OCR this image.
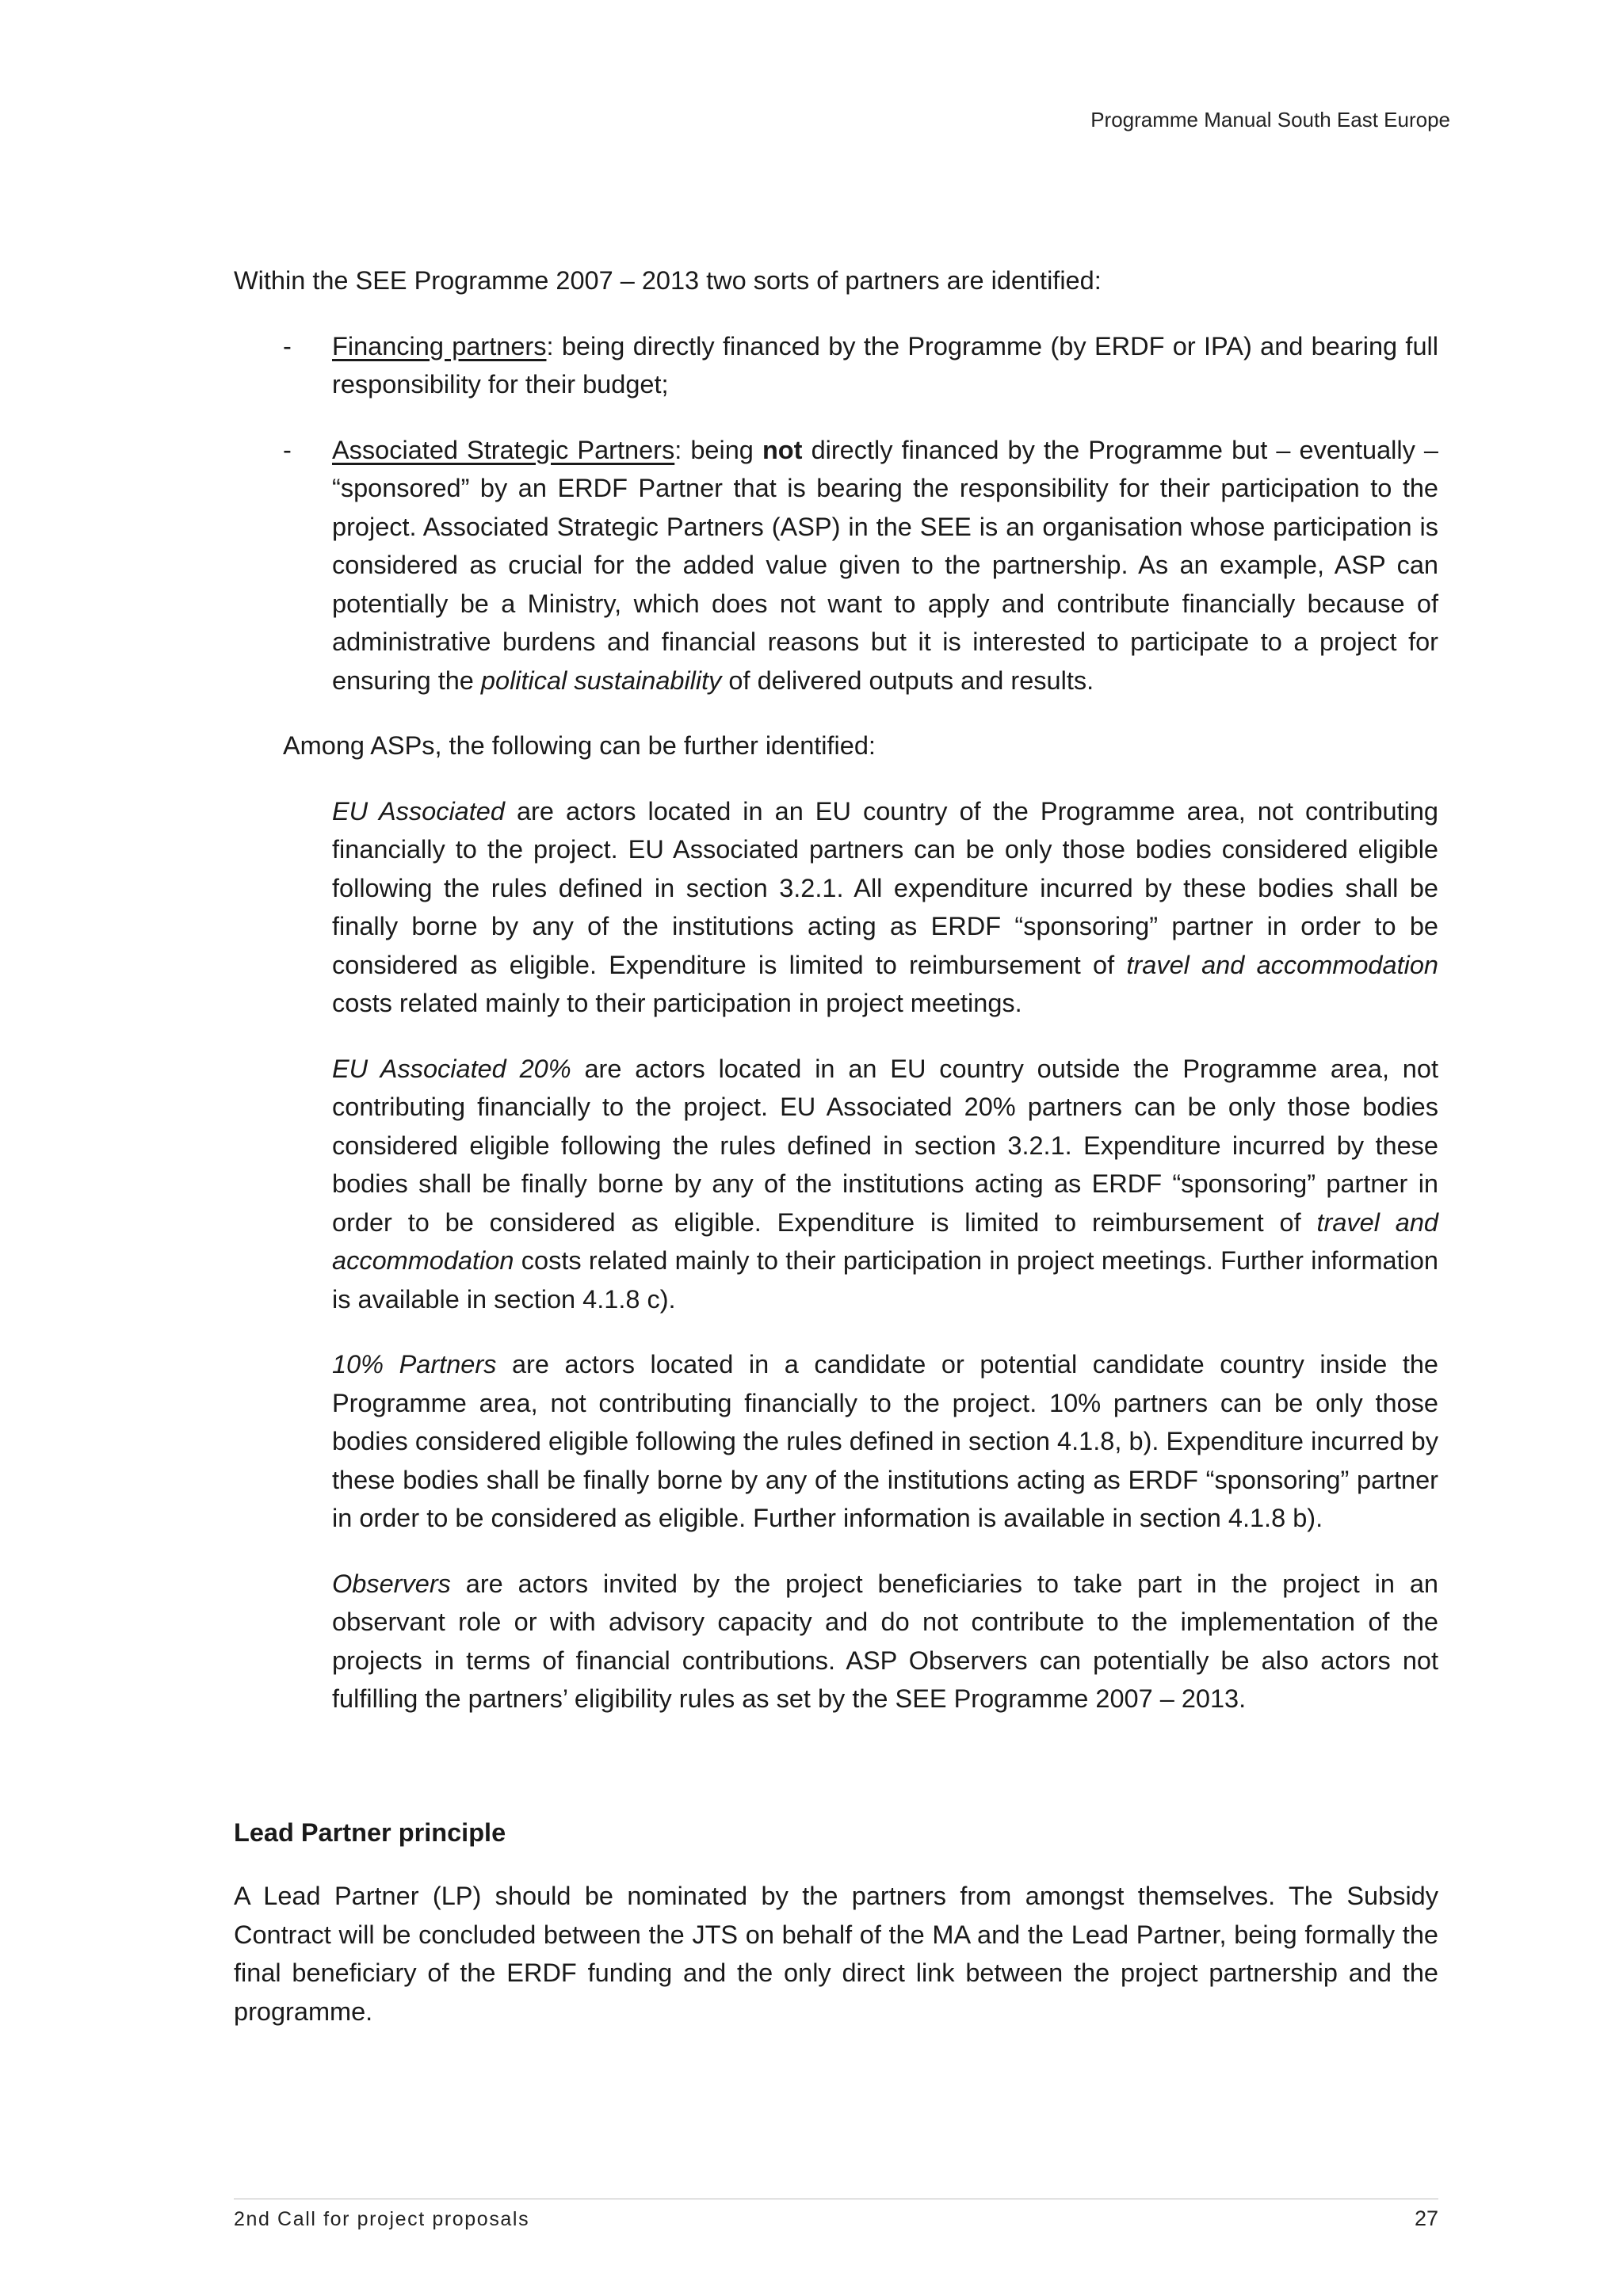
Programme Manual South East Europe

Within the SEE Programme 2007 – 2013 two sorts of partners are identified:

- Financing partners: being directly financed by the Programme (by ERDF or IPA) and bearing full responsibility for their budget;

- Associated Strategic Partners: being not directly financed by the Programme but – eventually – “sponsored” by an ERDF Partner that is bearing the responsibility for their participation to the project. Associated Strategic Partners (ASP) in the SEE is an organisation whose participation is considered as crucial for the added value given to the partnership. As an example, ASP can potentially be a Ministry, which does not want to apply and contribute financially because of administrative burdens and financial reasons but it is interested to participate to a project for ensuring the political sustainability of delivered outputs and results.

Among ASPs, the following can be further identified:

EU Associated are actors located in an EU country of the Programme area, not contributing financially to the project. EU Associated partners can be only those bodies considered eligible following the rules defined in section 3.2.1. All expenditure incurred by these bodies shall be finally borne by any of the institutions acting as ERDF “sponsoring” partner in order to be considered as eligible. Expenditure is limited to reimbursement of travel and accommodation costs related mainly to their participation in project meetings.

EU Associated 20% are actors located in an EU country outside the Programme area, not contributing financially to the project. EU Associated 20% partners can be only those bodies considered eligible following the rules defined in section 3.2.1. Expenditure incurred by these bodies shall be finally borne by any of the institutions acting as ERDF “sponsoring” partner in order to be considered as eligible. Expenditure is limited to reimbursement of travel and accommodation costs related mainly to their participation in project meetings. Further information is available in section 4.1.8 c).

10% Partners are actors located in a candidate or potential candidate country inside the Programme area, not contributing financially to the project. 10% partners can be only those bodies considered eligible following the rules defined in section 4.1.8, b). Expenditure incurred by these bodies shall be finally borne by any of the institutions acting as ERDF “sponsoring” partner in order to be considered as eligible. Further information is available in section 4.1.8 b).

Observers are actors invited by the project beneficiaries to take part in the project in an observant role or with advisory capacity and do not contribute to the implementation of the projects in terms of financial contributions. ASP Observers can potentially be also actors not fulfilling the partners’ eligibility rules as set by the SEE Programme 2007 – 2013.

Lead Partner principle

A Lead Partner (LP) should be nominated by the partners from amongst themselves. The Subsidy Contract will be concluded between the JTS on behalf of the MA and the Lead Partner, being formally the final beneficiary of the ERDF funding and the only direct link between the project partnership and the programme.

2nd Call for project proposals	27
